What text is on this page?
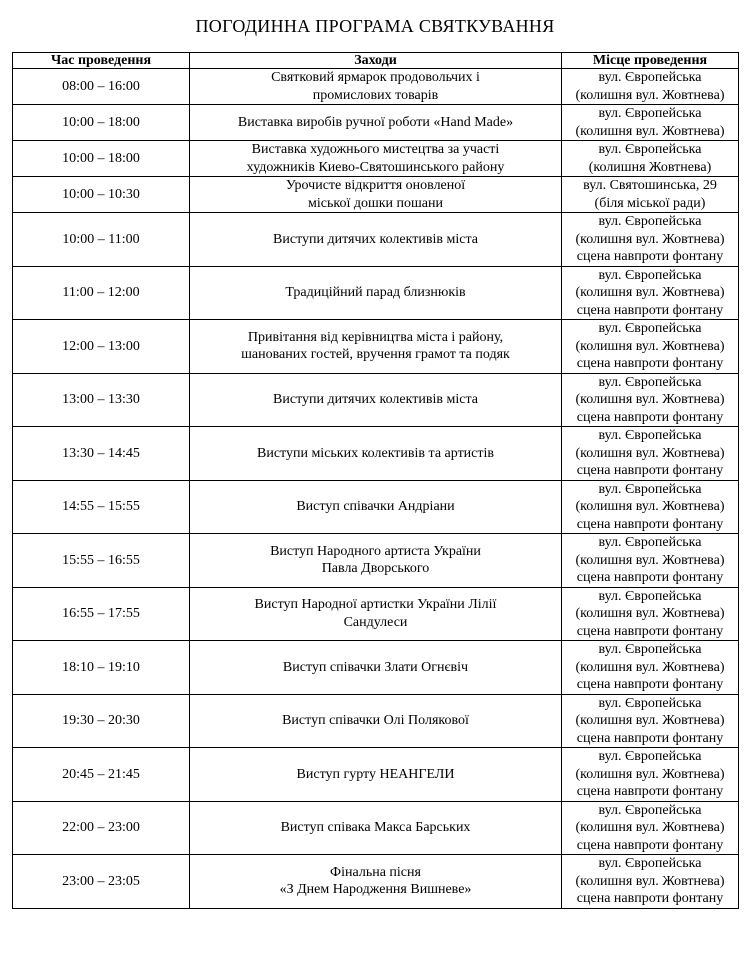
ПОГОДИННА ПРОГРАМА СВЯТКУВАННЯ
Час проведення	Заходи	Місце проведення
08:00 – 16:00	Святковий ярмарок продовольчих і
промислових товарів	вул. Європейська
(колишня вул. Жовтнева)

10:00 – 18:00	Виставка виробів ручної роботи «Hand Made»	вул. Європейська
(колишня вул. Жовтнева)

10:00 – 18:00	Виставка художнього мистецтва за участі
художників Киево-Святошинського району	вул. Європейська
(колишня Жовтнева)

10:00 – 10:30	Урочисте відкриття оновленої
міської дошки пошани	вул. Святошинська, 29
(біля міської ради)

10:00 – 11:00	Виступи дитячих колективів міста	вул. Європейська
(колишня вул. Жовтнева)
сцена навпроти фонтану

11:00 – 12:00	Традиційний парад близнюків	вул. Європейська
(колишня вул. Жовтнева)
сцена навпроти фонтану

12:00 – 13:00	Привітання від керівництва міста і району,
шанованих гостей, вручення грамот та подяк	вул. Європейська
(колишня вул. Жовтнева)
сцена навпроти фонтану

13:00 – 13:30	Виступи дитячих колективів міста	вул. Європейська
(колишня вул. Жовтнева)
сцена навпроти фонтану

13:30 – 14:45	Виступи міських колективів та артистів	вул. Європейська
(колишня вул. Жовтнева)
сцена навпроти фонтану

14:55 – 15:55	Виступ співачки Андріани	вул. Європейська
(колишня вул. Жовтнева)
сцена навпроти фонтану

15:55 – 16:55	Виступ Народного артиста України
Павла Дворського	вул. Європейська
(колишня вул. Жовтнева)
сцена навпроти фонтану

16:55 – 17:55	Виступ Народної артистки України Лілії
Сандулеси	вул. Європейська
(колишня вул. Жовтнева)
сцена навпроти фонтану

18:10 – 19:10	Виступ співачки Злати Огнєвіч	вул. Європейська
(колишня вул. Жовтнева)
сцена навпроти фонтану

19:30 – 20:30	Виступ співачки Олі Полякової	вул. Європейська
(колишня вул. Жовтнева)
сцена навпроти фонтану

20:45 – 21:45	Виступ гурту НЕАНГЕЛИ	вул. Європейська
(колишня вул. Жовтнева)
сцена навпроти фонтану

22:00 – 23:00	Виступ співака Макса Барських	вул. Європейська
(колишня вул. Жовтнева)
сцена навпроти фонтану

23:00 – 23:05	Фінальна пісня
«З Днем Народження Вишневе»	вул. Європейська
(колишня вул. Жовтнева)
сцена навпроти фонтану
